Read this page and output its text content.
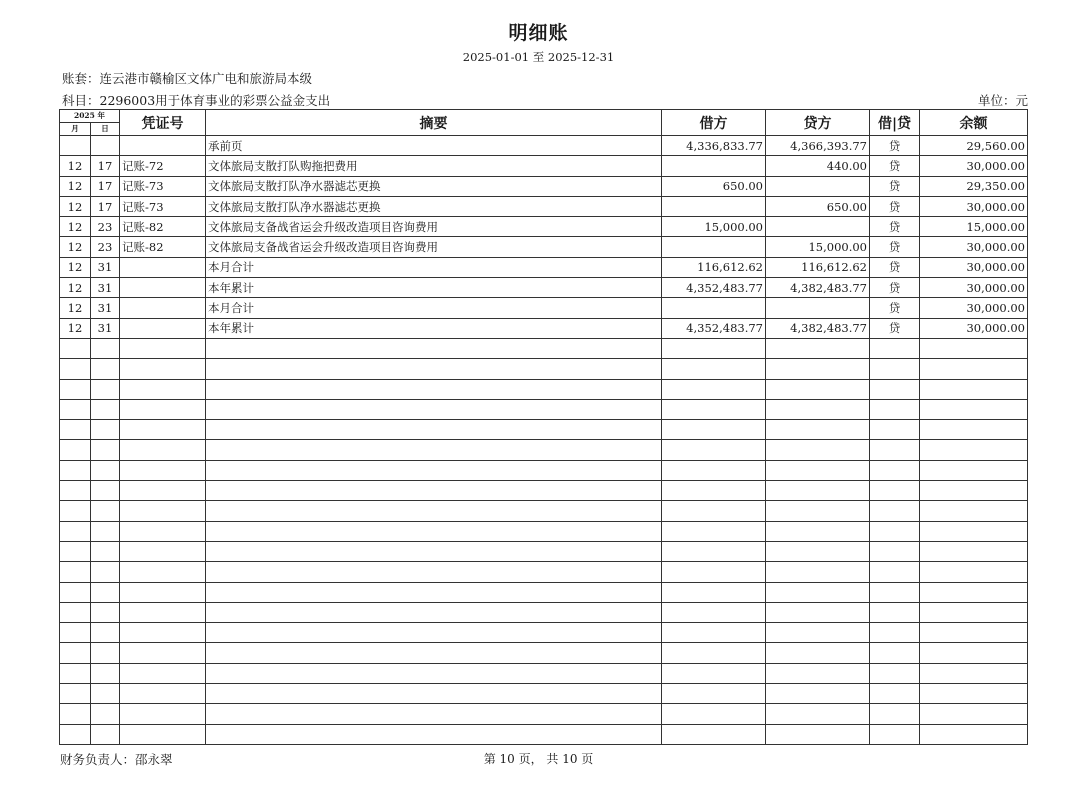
明细账
2025-01-01 至 2025-12-31
账套：连云港市赣榆区文体广电和旅游局本级
科目：2296003用于体育事业的彩票公益金支出	单位：元
2025 年		凭证号	摘要	借方	贷方	借|贷	余额
月	日						
			承前页	4,336,833.77	4,366,393.77	贷	29,560.00
12	17	记账-72	文体旅局支散打队购拖把费用		440.00	贷	30,000.00
12	17	记账-73	文体旅局支散打队净水器滤芯更换	650.00		贷	29,350.00
12	17	记账-73	文体旅局支散打队净水器滤芯更换		650.00	贷	30,000.00
12	23	记账-82	文体旅局支备战省运会升级改造项目咨询费用	15,000.00		贷	15,000.00
12	23	记账-82	文体旅局支备战省运会升级改造项目咨询费用		15,000.00	贷	30,000.00
12	31		本月合计	116,612.62	116,612.62	贷	30,000.00
12	31		本年累计	4,352,483.77	4,382,483.77	贷	30,000.00
12	31		本月合计			贷	30,000.00
12	31		本年累计	4,352,483.77	4,382,483.77	贷	30,000.00

财务负责人：邵永翠	第 10 页， 共 10 页
